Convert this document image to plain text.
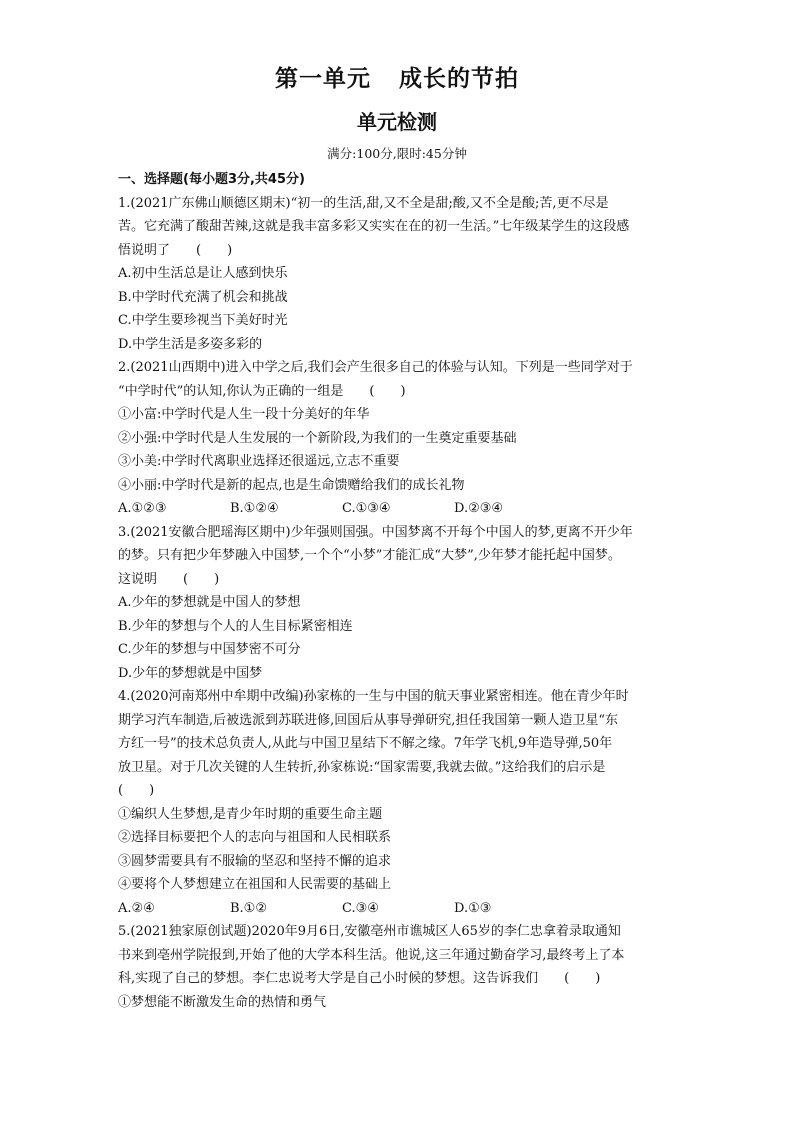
第一单元 成长的节拍
单元检测
满分:100分,限时:45分钟
一、选择题(每小题3分,共45分)
1.(2021广东佛山顺德区期末)“初一的生活,甜,又不全是甜;酸,又不全是酸;苦,更不尽是
苦。它充满了酸甜苦辣,这就是我丰富多彩又实实在在的初一生活。”七年级某学生的这段感
悟说明了　　(　　)
A.初中生活总是让人感到快乐
B.中学时代充满了机会和挑战
C.中学生要珍视当下美好时光
D.中学生活是多姿多彩的
2.(2021山西期中)进入中学之后,我们会产生很多自己的体验与认知。下列是一些同学对于
“中学时代”的认知,你认为正确的一组是　　(　　)
①小富:中学时代是人生一段十分美好的年华
②小强:中学时代是人生发展的一个新阶段,为我们的一生奠定重要基础
③小美:中学时代离职业选择还很遥远,立志不重要
④小丽:中学时代是新的起点,也是生命馈赠给我们的成长礼物
A.①②③	B.①②④	C.①③④	D.②③④
3.(2021安徽合肥瑶海区期中)少年强则国强。中国梦离不开每个中国人的梦,更离不开少年
的梦。只有把少年梦融入中国梦,一个个“小梦”才能汇成“大梦”,少年梦才能托起中国梦。
这说明　　(　　)
A.少年的梦想就是中国人的梦想
B.少年的梦想与个人的人生目标紧密相连
C.少年的梦想与中国梦密不可分
D.少年的梦想就是中国梦
4.(2020河南郑州中牟期中改编)孙家栋的一生与中国的航天事业紧密相连。他在青少年时
期学习汽车制造,后被选派到苏联进修,回国后从事导弹研究,担任我国第一颗人造卫星“东
方红一号”的技术总负责人,从此与中国卫星结下不解之缘。7年学飞机,9年造导弹,50年
放卫星。对于几次关键的人生转折,孙家栋说:“国家需要,我就去做。”这给我们的启示是
(　　)
①编织人生梦想,是青少年时期的重要生命主题
②选择目标要把个人的志向与祖国和人民相联系
③圆梦需要具有不服输的坚忍和坚持不懈的追求
④要将个人梦想建立在祖国和人民需要的基础上
A.②④	B.①②	C.③④	D.①③
5.(2021独家原创试题)2020年9月6日,安徽亳州市谯城区人65岁的李仁忠拿着录取通知
书来到亳州学院报到,开始了他的大学本科生活。他说,这三年通过勤奋学习,最终考上了本
科,实现了自己的梦想。李仁忠说考大学是自己小时候的梦想。这告诉我们　　(　　)
①梦想能不断激发生命的热情和勇气
